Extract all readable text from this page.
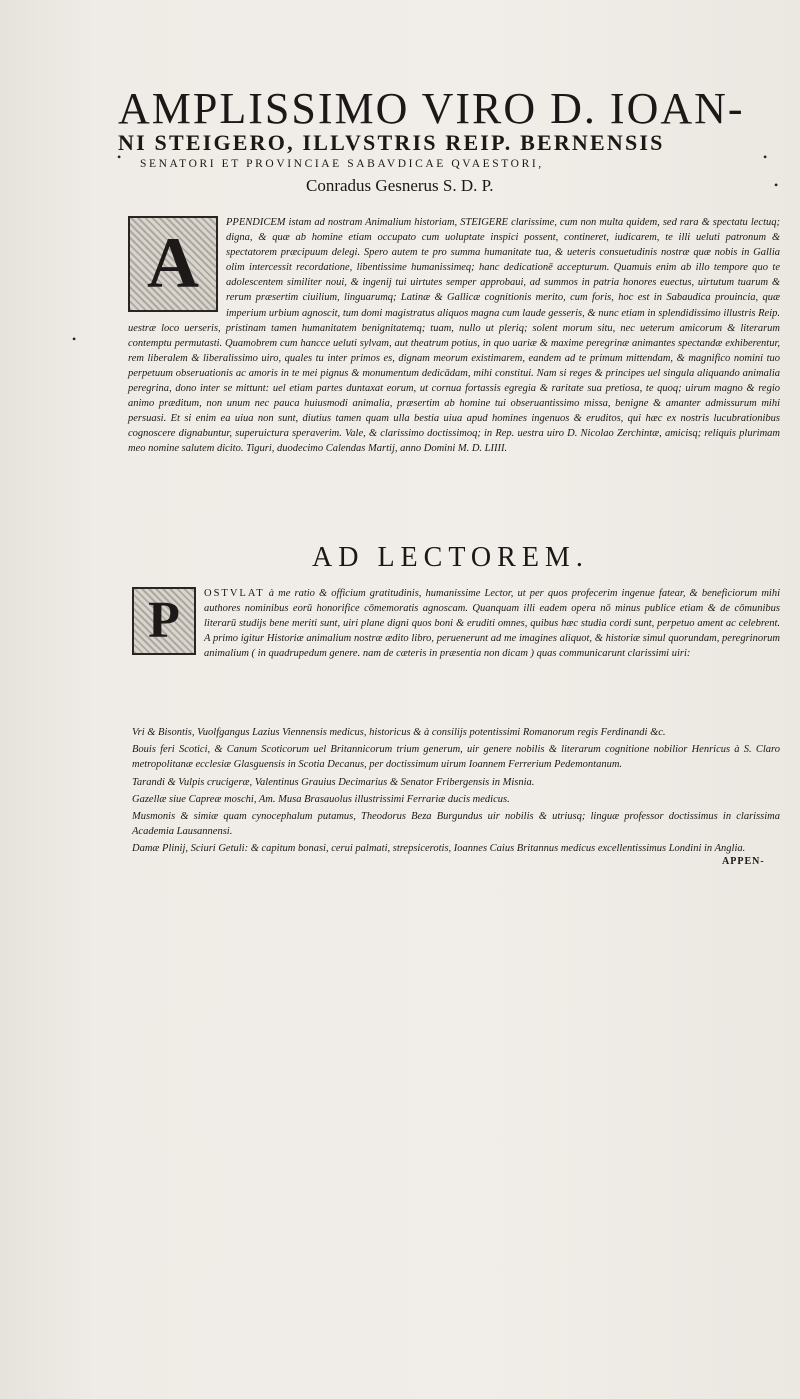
•	•
•
•
AMPLISSIMO VIRO D. IOAN-
NI STEIGERO, ILLVSTRIS REIP. BERNENSIS
SENATORI ET PROVINCIAE SABAVDICAE QVAESTORI,
Conradus Gesnerus S. D. P.

A
PPENDICEM istam ad nostram Animalium historiam, STEIGERE clarissime, cum non multa quidem, sed rara & spectatu lectuq; digna, & quæ ab homine etiam occupato cum uoluptate inspici possent, contineret, iudicarem, te illi ueluti patronum & spectatorem præcipuum delegi. Spero autem te pro summa humanitate tua, & ueteris consuetudinis nostræ quæ nobis in Gallia olim intercessit recordatione, libentissime humanissimeq; hanc dedicationē accepturum. Quamuis enim ab illo tempore quo te adolescentem similiter noui, & ingenij tui uirtutes semper approbaui, ad summos in patria honores euectus, uirtutum tuarum & rerum præsertim ciuilium, linguarumq; Latinæ & Gallicæ cognitionis merito, cum foris, hoc est in Sabaudica prouincia, quæ imperium urbium agnoscit, tum domi magistratus aliquos magna cum laude gesseris, & nunc etiam in splendidissimo illustris Reip. uestræ loco uerseris, pristinam tamen humanitatem benignitatemq; tuam, nullo ut pleriq; solent morum situ, nec ueterum amicorum & literarum contemptu permutasti. Quamobrem cum hancce ueluti sylvam, aut theatrum potius, in quo uariæ & maxime peregrinæ animantes spectandæ exhiberentur, rem liberalem & liberalissimo uiro, quales tu inter primos es, dignam meorum existimarem, eandem ad te primum mittendam, & magnifico nomini tuo perpetuum obseruationis ac amoris in te mei pignus & monumentum dedicādam, mihi constitui. Nam si reges & principes uel singula aliquando animalia peregrina, dono inter se mittunt: uel etiam partes duntaxat eorum, ut cornua fortassis egregia & raritate sua pretiosa, te quoq; uirum magno & regio animo præditum, non unum nec pauca huiusmodi animalia, præsertim ab homine tui obseruantissimo missa, benigne & amanter admissurum mihi persuasi. Et si enim ea uiua non sunt, diutius tamen quam ulla bestia uiua apud homines ingenuos & eruditos, qui hæc ex nostris lucubrationibus cognoscere dignabuntur, superuictura speraverim. Vale, & clarissimo doctissimoq; in Rep. uestra uiro D. Nicolao Zerchintæ, amicisq; reliquis plurimam meo nomine salutem dicito. Tiguri, duodecimo Calendas Martij, anno Domini M. D. LIIII.

AD LECTOREM.

P	OSTVLAT à me ratio & officium gratitudinis, humanissime Lector, ut per quos profecerim ingenue fatear, & beneficiorum mihi authores nominibus eorū honorifice cōmemoratis agnoscam. Quanquam illi eadem opera nō minus publice etiam & de cōmunibus literarū studijs bene meriti sunt, uiri plane digni quos boni & eruditi omnes, quibus hæc studia cordi sunt, perpetuo ament ac celebrent. A primo igitur Historiæ animalium nostræ ædito libro, peruenerunt ad me imagines aliquot, & historiæ simul quorundam, peregrinorum animalium ( in quadrupedum genere. nam de cæteris in præsentia non dicam ) quas communicarunt clarissimi uiri:

Vri & Bisontis, Vuolfgangus Lazius Viennensis medicus, historicus & à consilijs potentissimi Romanorum regis Ferdinandi &c.
Bouis feri Scotici, & Canum Scoticorum uel Britannicorum trium generum, uir genere nobilis & literarum cognitione nobilior Henricus à S. Claro metropolitanæ ecclesiæ Glasguensis in Scotia Decanus, per doctissimum uirum Ioannem Ferrerium Pedemontanum.
Tarandi & Vulpis crucigeræ, Valentinus Grauius Decimarius & Senator Fribergensis in Misnia.
Gazellæ siue Capreæ moschi, Am. Musa Brasauolus illustrissimi Ferrariæ ducis medicus.
Musmonis & simiæ quam cynocephalum putamus, Theodorus Beza Burgundus uir nobilis & utriusq; linguæ professor doctissimus in clarissima Academia Lausannensi.
Damæ Plinij, Sciuri Getuli: & capitum bonasi, cerui palmati, strepsicerotis, Ioannes Caius Britannus medicus excellentissimus Londini in Anglia.
APPEN-
